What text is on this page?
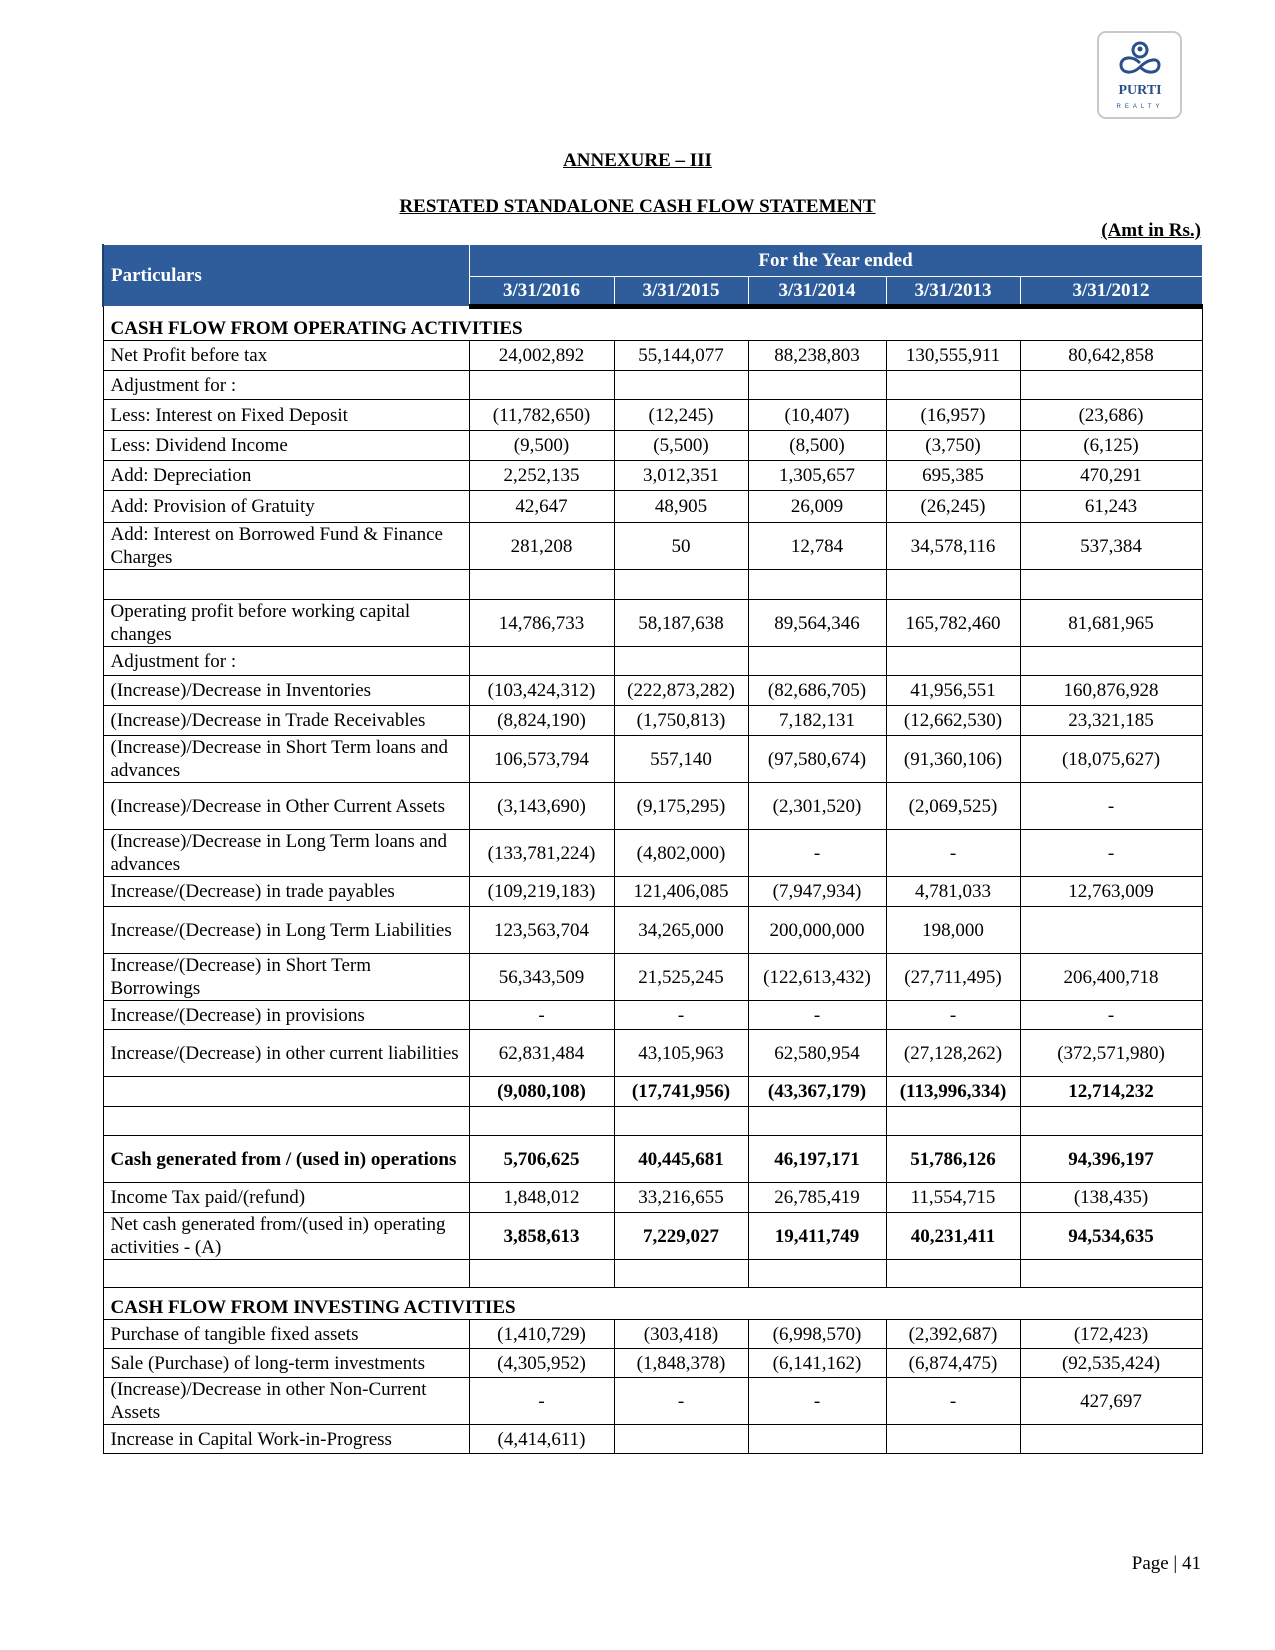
PURTI
REALTY
ANNEXURE – III
RESTATED STANDALONE CASH FLOW STATEMENT
(Amt in Rs.)
Particulars	For the Year ended				
	3/31/2016	3/31/2015	3/31/2014	3/31/2013	3/31/2012
CASH FLOW FROM OPERATING ACTIVITIES					
Net Profit before tax	24,002,892	55,144,077	88,238,803	130,555,911	80,642,858
Adjustment for :					
Less: Interest on Fixed Deposit	(11,782,650)	(12,245)	(10,407)	(16,957)	(23,686)
Less: Dividend Income	(9,500)	(5,500)	(8,500)	(3,750)	(6,125)
Add: Depreciation	2,252,135	3,012,351	1,305,657	695,385	470,291
Add: Provision of Gratuity	42,647	48,905	26,009	(26,245)	61,243
Add: Interest on Borrowed Fund & Finance Charges	281,208	50	12,784	34,578,116	537,384

Operating profit before working capital changes	14,786,733	58,187,638	89,564,346	165,782,460	81,681,965
Adjustment for :					
(Increase)/Decrease in Inventories	(103,424,312)	(222,873,282)	(82,686,705)	41,956,551	160,876,928
(Increase)/Decrease in Trade Receivables	(8,824,190)	(1,750,813)	7,182,131	(12,662,530)	23,321,185
(Increase)/Decrease in Short Term loans and advances	106,573,794	557,140	(97,580,674)	(91,360,106)	(18,075,627)
(Increase)/Decrease in Other Current Assets	(3,143,690)	(9,175,295)	(2,301,520)	(2,069,525)	-
(Increase)/Decrease in Long Term loans and advances	(133,781,224)	(4,802,000)	-	-	-
Increase/(Decrease) in trade payables	(109,219,183)	121,406,085	(7,947,934)	4,781,033	12,763,009
Increase/(Decrease) in Long Term Liabilities	123,563,704	34,265,000	200,000,000	198,000	
Increase/(Decrease) in Short Term Borrowings	56,343,509	21,525,245	(122,613,432)	(27,711,495)	206,400,718
Increase/(Decrease) in provisions	-	-	-	-	-
Increase/(Decrease) in other current liabilities	62,831,484	43,105,963	62,580,954	(27,128,262)	(372,571,980)
	(9,080,108)	(17,741,956)	(43,367,179)	(113,996,334)	12,714,232

Cash generated from / (used in) operations	5,706,625	40,445,681	46,197,171	51,786,126	94,396,197
Income Tax paid/(refund)	1,848,012	33,216,655	26,785,419	11,554,715	(138,435)
Net cash generated from/(used in) operating activities - (A)	3,858,613	7,229,027	19,411,749	40,231,411	94,534,635

CASH FLOW FROM INVESTING ACTIVITIES					
Purchase of tangible fixed assets	(1,410,729)	(303,418)	(6,998,570)	(2,392,687)	(172,423)
Sale (Purchase) of long-term investments	(4,305,952)	(1,848,378)	(6,141,162)	(6,874,475)	(92,535,424)
(Increase)/Decrease in other Non-Current Assets	-	-	-	-	427,697
Increase in Capital Work-in-Progress	(4,414,611)				
Page | 41
